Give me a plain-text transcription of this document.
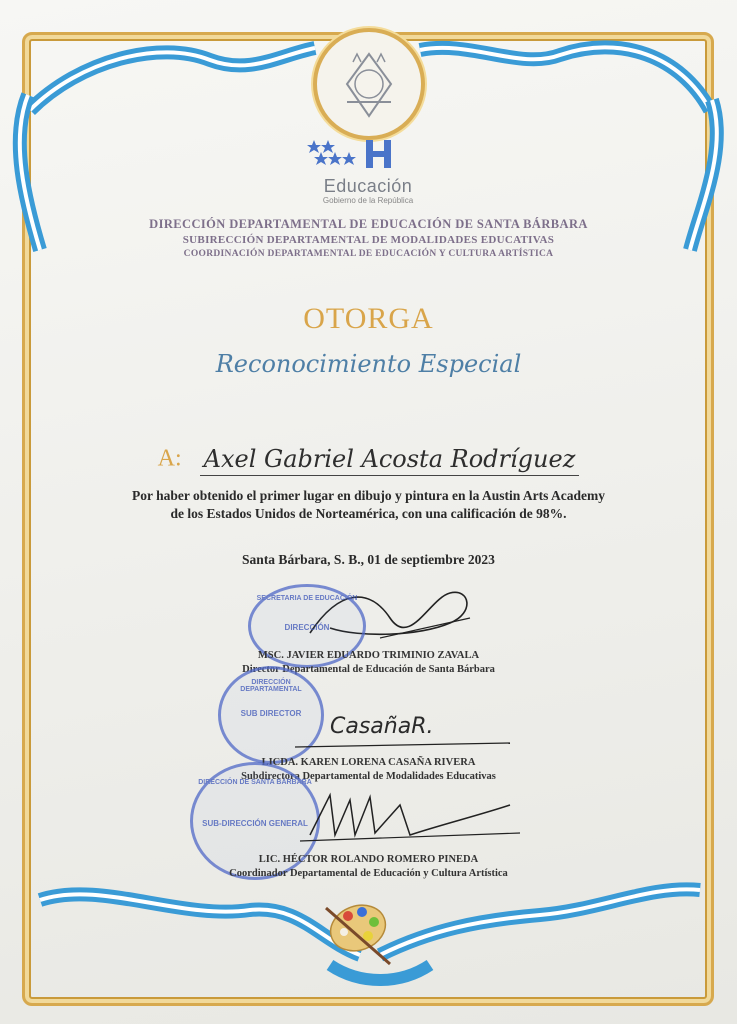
Educación
Gobierno de la República
DIRECCIÓN DEPARTAMENTAL DE EDUCACIÓN DE SANTA BÁRBARA
SUBIRECCIÓN DEPARTAMENTAL DE MODALIDADES EDUCATIVAS
COORDINACIÓN DEPARTAMENTAL DE EDUCACIÓN Y CULTURA ARTÍSTICA
OTORGA
Reconocimiento Especial
A: Axel Gabriel Acosta Rodríguez
Por haber obtenido el primer lugar en dibujo y pintura en la Austin Arts Academy
de los Estados Unidos de Norteamérica, con una calificación de 98%.
Santa Bárbara, S. B., 01 de septiembre 2023
SECRETARIA DE EDUCACIÓN
DIRECCIÓN
MSC. JAVIER EDUARDO TRIMINIO ZAVALA
Director Departamental de Educación de Santa Bárbara
DIRECCIÓN DEPARTAMENTAL
SUB DIRECTOR
CasañaR.
LICDA. KAREN LORENA CASAÑA RIVERA
Subdirectora Departamental de Modalidades Educativas
DIRECCIÓN DE SANTA BÁRBARA
SUB-DIRECCIÓN GENERAL
LIC. HÉCTOR ROLANDO ROMERO PINEDA
Coordinador Departamental de Educación y Cultura Artística
